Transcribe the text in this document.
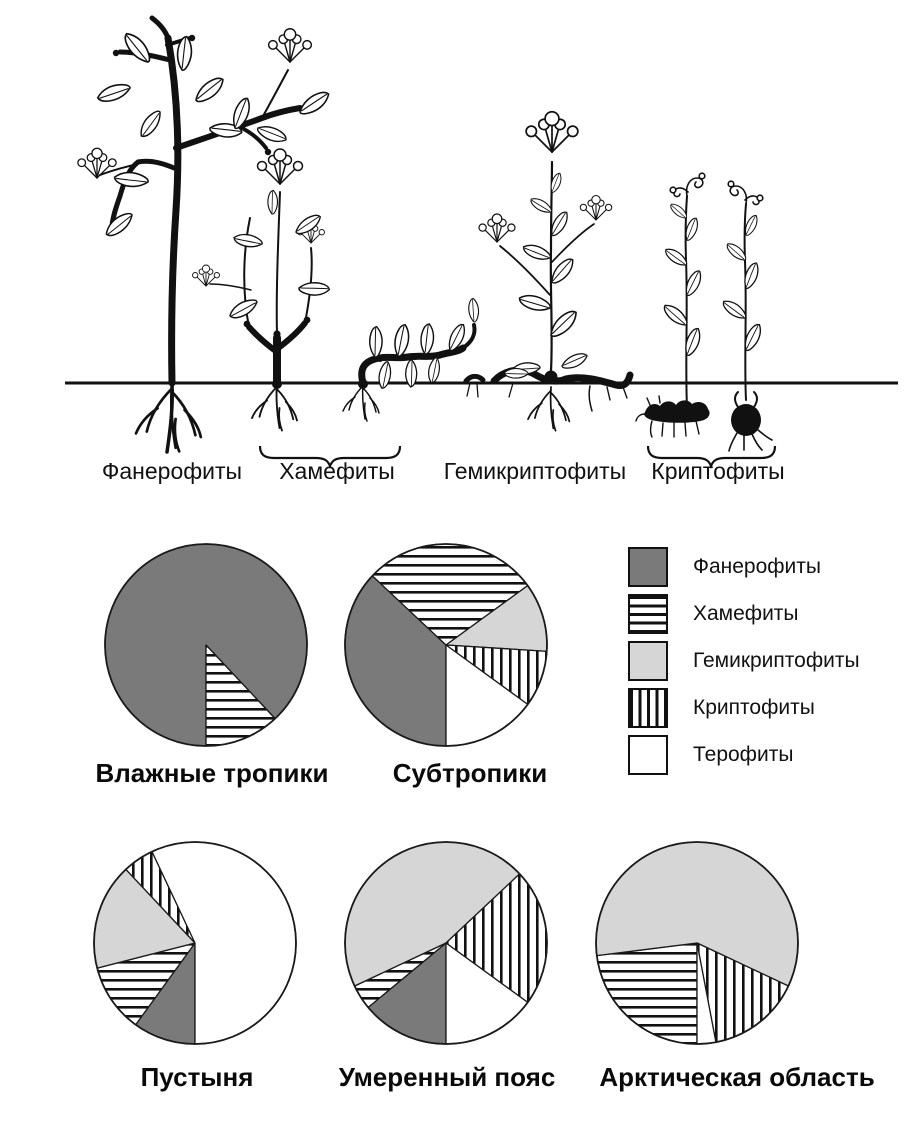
Фанерофиты Хамефиты Гемикриптофиты Криптофиты
Влажные тропики Субтропики
Пустыня	Умеренный пояс Арктическая область
Фанерофиты
Хамефиты
Гемикриптофиты
Криптофиты
Терофиты
